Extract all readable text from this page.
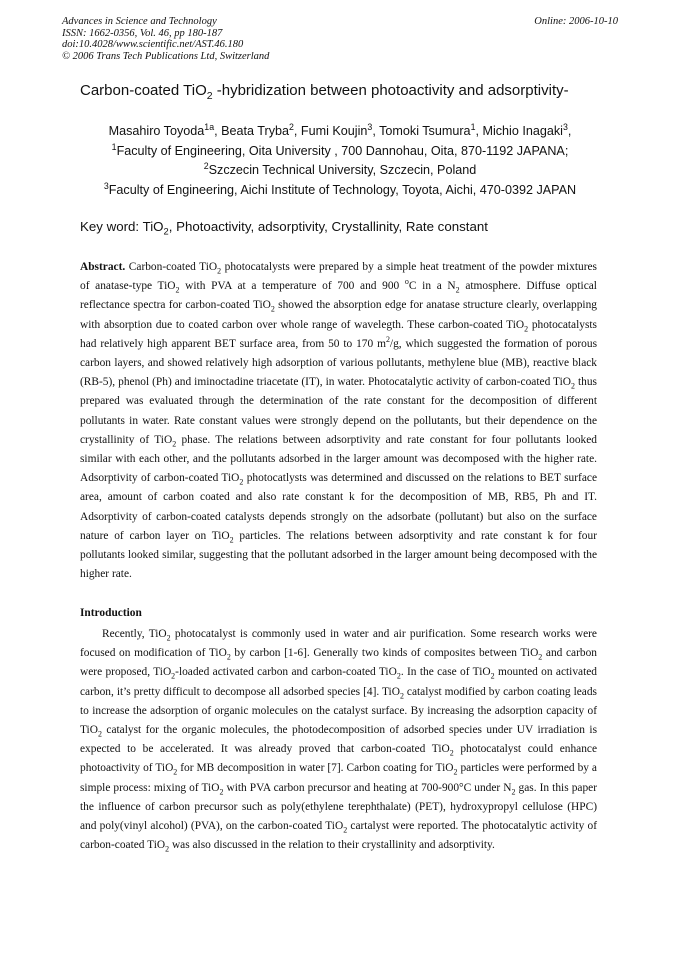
Advances in Science and Technology
ISSN: 1662-0356, Vol. 46, pp 180-187
doi:10.4028/www.scientific.net/AST.46.180
© 2006 Trans Tech Publications Ltd, Switzerland
Online: 2006-10-10
Carbon-coated TiO$_2$ -hybridization between photoactivity and adsorptivity-
Masahiro Toyoda$^{1a}$, Beata Tryba$^2$, Fumi Koujin$^3$, Tomoki Tsumura$^1$, Michio Inagaki$^3$,
$^1$Faculty of Engineering, Oita University , 700 Dannohau, Oita, 870-1192 JAPANA;
$^2$Szczecin Technical University, Szczecin, Poland
$^3$Faculty of Engineering, Aichi Institute of Technology, Toyota, Aichi, 470-0392 JAPAN
Key word: TiO$_2$, Photoactivity, adsorptivity, Crystallinity, Rate constant
Abstract. Carbon-coated TiO$_2$ photocatalysts were prepared by a simple heat treatment of the powder mixtures of anatase-type TiO$_2$ with PVA at a temperature of 700 and 900 $^o$C in a $N_2$ atmosphere. Diffuse optical reflectance spectra for carbon-coated TiO$_2$ showed the absorption edge for anatase structure clearly, overlapping with absorption due to coated carbon over whole range of wavelegth. These carbon-coated TiO$_2$ photocatalysts had relatively high apparent BET surface area, from 50 to 170 $m^2/g$, which suggested the formation of porous carbon layers, and showed relatively high adsorption of various pollutants, methylene blue (MB), reactive black (RB-5), phenol (Ph) and iminoctadine triacetate (IT), in water. Photocatalytic activity of carbon-coated TiO$_2$ thus prepared was evaluated through the determination of the rate constant for the decomposition of different pollutants in water. Rate constant values were strongly depend on the pollutants, but their dependence on the crystallinity of TiO$_2$ phase. The relations between adsorptivity and rate constant for four pollutants looked similar with each other, and the pollutants adsorbed in the larger amount was decomposed with the higher rate. Adsorptivity of carbon-coated TiO$_2$ photocatlysts was determined and discussed on the relations to BET surface area, amount of carbon coated and also rate constant k for the decomposition of MB, RB5, Ph and IT. Adsorptivity of carbon-coated catalysts depends strongly on the adsorbate (pollutant) but also on the surface nature of carbon layer on TiO$_2$ particles. The relations between adsorptivity and rate constant k for four pollutants looked similar, suggesting that the pollutant adsorbed in the larger amount being decomposed with the higher rate.
Introduction
Recently, TiO$_2$ photocatalyst is commonly used in water and air purification. Some research works were focused on modification of TiO$_2$ by carbon [1-6]. Generally two kinds of composites between TiO$_2$ and carbon were proposed, TiO$_2$-loaded activated carbon and carbon-coated TiO$_2$. In the case of TiO$_2$ mounted on activated carbon, it’s pretty difficult to decompose all adsorbed species [4]. TiO$_2$ catalyst modified by carbon coating leads to increase the adsorption of organic molecules on the catalyst surface. By increasing the adsorption capacity of TiO$_2$ catalyst for the organic molecules, the photodecomposition of adsorbed species under UV irradiation is expected to be accelerated. It was already proved that carbon-coated TiO$_2$ photocatalyst could enhance photoactivity of TiO$_2$ for MB decomposition in water [7]. Carbon coating for TiO$_2$ particles were performed by a simple process: mixing of TiO$_2$ with PVA carbon precursor and heating at 700-900°C under $N_2$ gas. In this paper the influence of carbon precursor such as poly(ethylene terephthalate) (PET), hydroxypropyl cellulose (HPC) and poly(vinyl alcohol) (PVA), on the carbon-coated TiO$_2$ cartalyst were reported. The photocatalytic activity of carbon-coated TiO$_2$ was also discussed in the relation to their crystallinity and adsorptivity.
